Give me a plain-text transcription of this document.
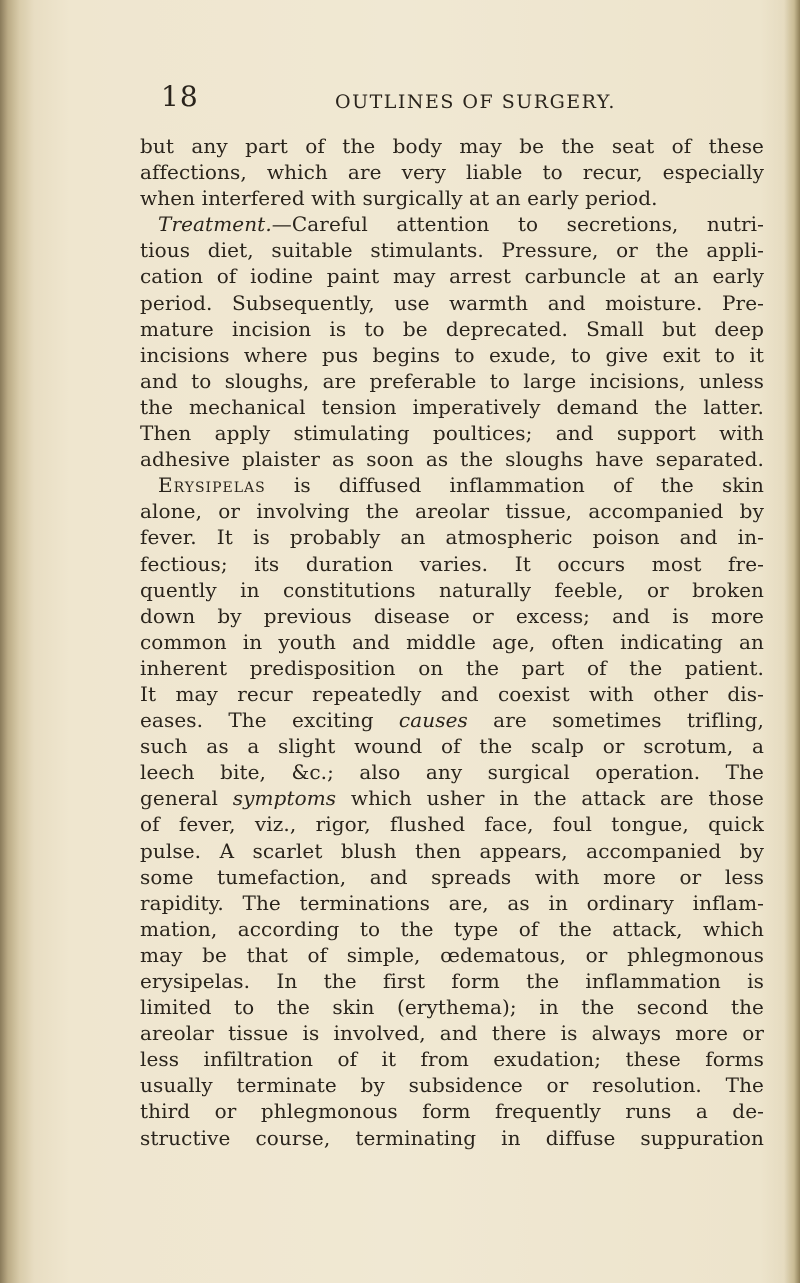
18	OUTLINES OF SURGERY.
but any part of the body may be the seat of these
affections, which are very liable to recur, especially
when interfered with surgically at an early period.
Treatment.—Careful attention to secretions, nutri-
tious diet, suitable stimulants. Pressure, or the appli-
cation of iodine paint may arrest carbuncle at an early
period. Subsequently, use warmth and moisture. Pre-
mature incision is to be deprecated. Small but deep
incisions where pus begins to exude, to give exit to it
and to sloughs, are preferable to large incisions, unless
the mechanical tension imperatively demand the latter.
Then apply stimulating poultices; and support with
adhesive plaister as soon as the sloughs have separated.
Erysipelas is diffused inflammation of the skin
alone, or involving the areolar tissue, accompanied by
fever. It is probably an atmospheric poison and in-
fectious; its duration varies. It occurs most fre-
quently in constitutions naturally feeble, or broken
down by previous disease or excess; and is more
common in youth and middle age, often indicating an
inherent predisposition on the part of the patient.
It may recur repeatedly and coexist with other dis-
eases. The exciting causes are sometimes trifling,
such as a slight wound of the scalp or scrotum, a
leech bite, &c.; also any surgical operation. The
general symptoms which usher in the attack are those
of fever, viz., rigor, flushed face, foul tongue, quick
pulse. A scarlet blush then appears, accompanied by
some tumefaction, and spreads with more or less
rapidity. The terminations are, as in ordinary inflam-
mation, according to the type of the attack, which
may be that of simple, œdematous, or phlegmonous
erysipelas. In the first form the inflammation is
limited to the skin (erythema); in the second the
areolar tissue is involved, and there is always more or
less infiltration of it from exudation; these forms
usually terminate by subsidence or resolution. The
third or phlegmonous form frequently runs a de-
structive course, terminating in diffuse suppuration
